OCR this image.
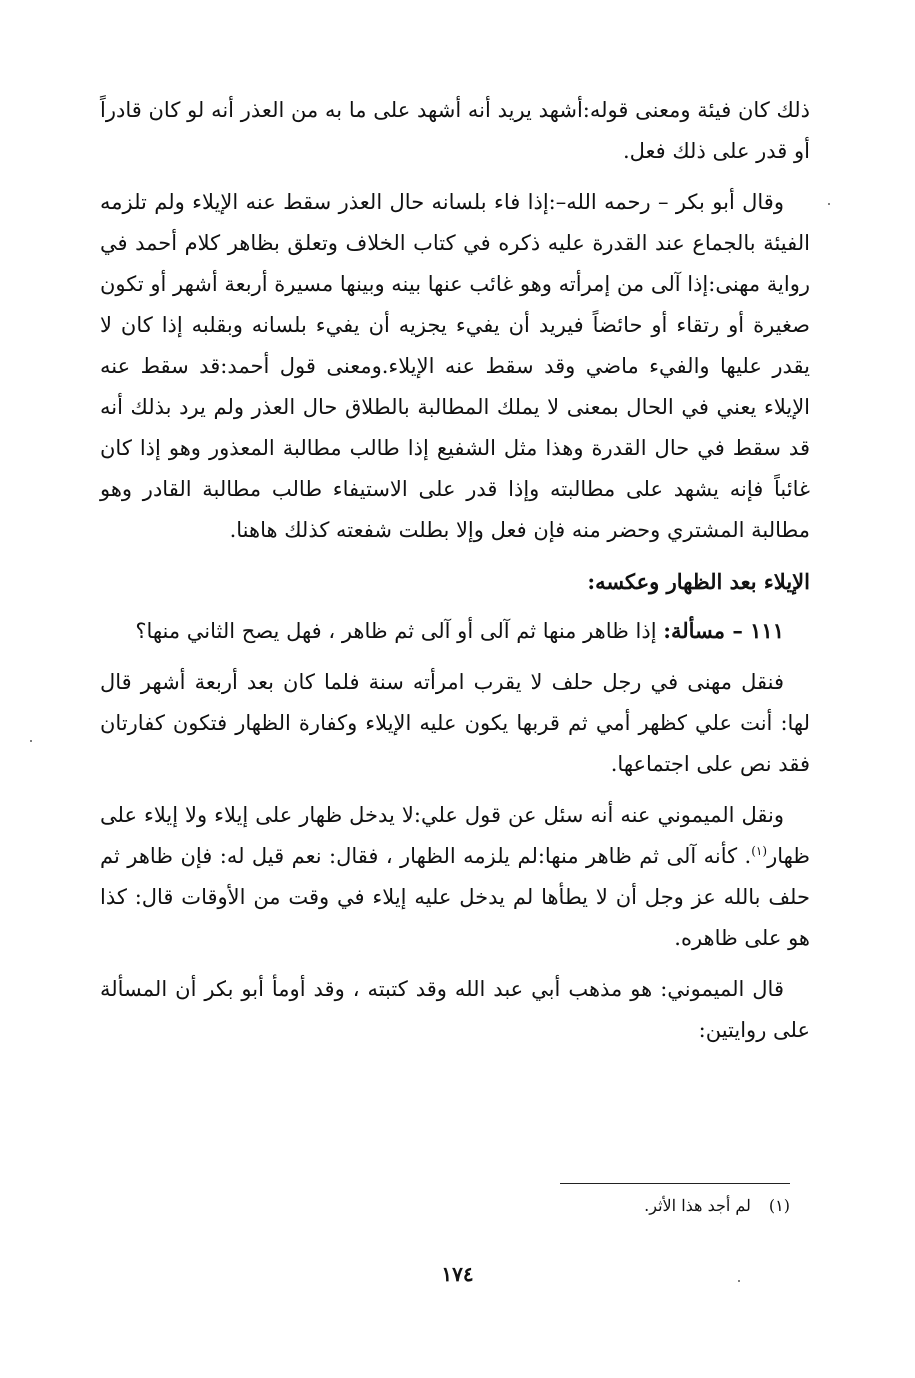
ذلك كان فيئة ومعنى قوله:أشهد يريد أنه أشهد على ما به من العذر أنه لو كان قادراً أو قدر على ذلك فعل.

وقال أبو بكر – رحمه الله–:إذا فاء بلسانه حال العذر سقط عنه الإيلاء ولم تلزمه الفيئة بالجماع عند القدرة عليه ذكره في كتاب الخلاف وتعلق بظاهر كلام أحمد في رواية مهنى:إذا آلى من إمرأته وهو غائب عنها بينه وبينها مسيرة أربعة أشهر أو تكون صغيرة أو رتقاء أو حائضاً فيريد أن يفيء يجزيه أن يفيء بلسانه وبقلبه إذا كان لا يقدر عليها والفيء ماضي وقد سقط عنه الإيلاء.ومعنى قول أحمد:قد سقط عنه الإيلاء يعني في الحال بمعنى لا يملك المطالبة بالطلاق حال العذر ولم يرد بذلك أنه قد سقط في حال القدرة وهذا مثل الشفيع إذا طالب مطالبة المعذور وهو إذا كان غائباً فإنه يشهد على مطالبته وإذا قدر على الاستيفاء طالب مطالبة القادر وهو مطالبة المشتري وحضر منه فإن فعل وإلا بطلت شفعته كذلك هاهنا.

الإيلاء بعد الظهار وعكسه:

١١١ – مسألة: إذا ظاهر منها ثم آلى أو آلى ثم ظاهر ، فهل يصح الثاني منها؟

فنقل مهنى في رجل حلف لا يقرب امرأته سنة فلما كان بعد أربعة أشهر قال لها: أنت علي كظهر أمي ثم قربها يكون عليه الإيلاء وكفارة الظهار فتكون كفارتان فقد نص على اجتماعها.

ونقل الميموني عنه أنه سئل عن قول علي:لا يدخل ظهار على إيلاء ولا إيلاء على ظهار$^{(١)}$. كأنه آلى ثم ظاهر منها:لم يلزمه الظهار ، فقال: نعم قيل له: فإن ظاهر ثم حلف بالله عز وجل أن لا يطأها لم يدخل عليه إيلاء في وقت من الأوقات قال: كذا هو على ظاهره.

قال الميموني: هو مذهب أبي عبد الله وقد كتبته ، وقد أومأ أبو بكر أن المسألة على روايتين:

(١)لم أجد هذا الأثر.
١٧٤
